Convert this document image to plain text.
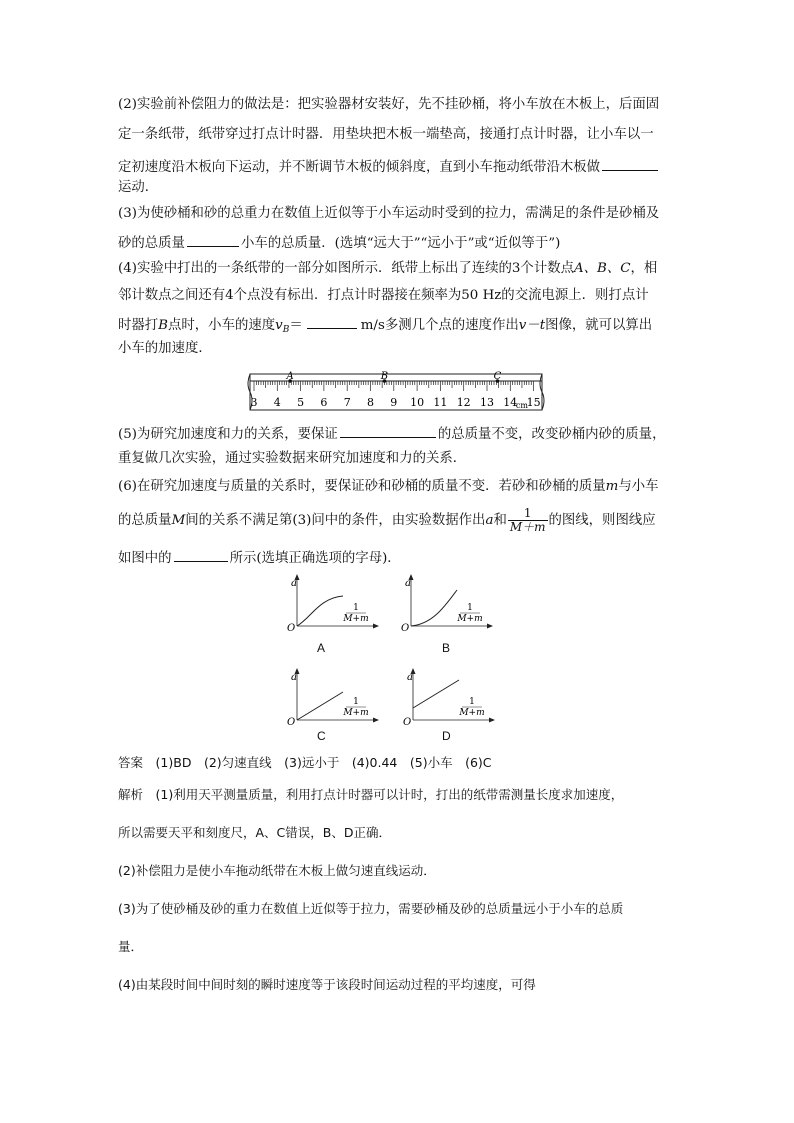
(2)实验前补偿阻力的做法是：把实验器材安装好，先不挂砂桶，将小车放在木板上，后面固
定一条纸带，纸带穿过打点计时器．用垫块把木板一端垫高，接通打点计时器，让小车以一
定初速度沿木板向下运动，并不断调节木板的倾斜度，直到小车拖动纸带沿木板做
运动．
(3)为使砂桶和砂的总重力在数值上近似等于小车运动时受到的拉力，需满足的条件是砂桶及
砂的总质量	小车的总质量．(选填“远大于”“远小于”或“近似等于”)
(4)实验中打出的一条纸带的一部分如图所示．纸带上标出了连续的3个计数点A、B、C，相
邻计数点之间还有4个点没有标出．打点计时器接在频率为50 Hz的交流电源上．则打点计
时器打B点时，小车的速度$v_B=$	m/s多测几个点的速度作出v－t图像，就可以算出
小车的加速度．
3 4 5 6 7 8 9 10 11 12 13 14 15
cm
A	B	C
(5)为研究加速度和力的关系，要保证	的总质量不变，改变砂桶内砂的质量，
重复做几次实验，通过实验数据来研究加速度和力的关系．
(6)在研究加速度与质量的关系时，要保证砂和砂桶的质量不变．若砂和砂桶的质量m与小车
的总质量M间的关系不满足第(3)问中的条件，由实验数据作出a和 $\frac{1}{M+m}$ 的图线，则图线应
如图中的	所示(选填正确选项的字母)．
a
O
1
M+m
a
O
1
M+m
a
O
1
M+m
a
O
1
M+m
A	B
C	D
答案　 (1)BD　(2)匀速直线　(3)远小于　(4)0.44　(5)小车　(6)C
解析　 (1)利用天平测量质量，利用打点计时器可以计时，打出的纸带需测量长度求加速度，
所以需要天平和刻度尺，A、C错误，B、D正确．
(2)补偿阻力是使小车拖动纸带在木板上做匀速直线运动．
(3)为了使砂桶及砂的重力在数值上近似等于拉力，需要砂桶及砂的总质量远小于小车的总质
量．
(4)由某段时间中间时刻的瞬时速度等于该段时间运动过程的平均速度，可得
